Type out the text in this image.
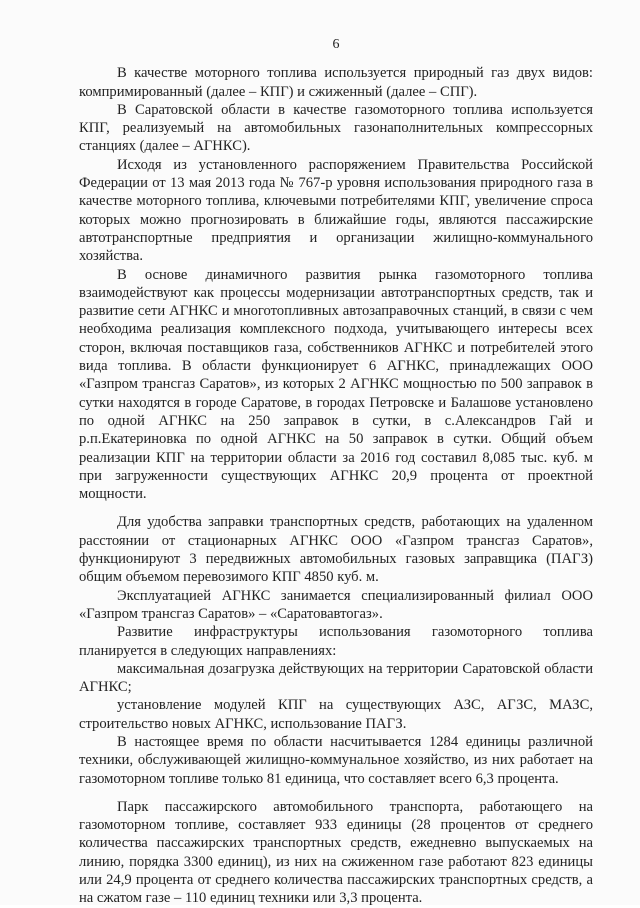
6

В качестве моторного топлива используется природный газ двух видов: компримированный (далее – КПГ) и сжиженный (далее – СПГ).

В Саратовской области в качестве газомоторного топлива используется КПГ, реализуемый на автомобильных газонаполнительных компрессорных станциях (далее – АГНКС).

Исходя из установленного распоряжением Правительства Российской Федерации от 13 мая 2013 года № 767-р уровня использования природного газа в качестве моторного топлива, ключевыми потребителями КПГ, увеличение спроса которых можно прогнозировать в ближайшие годы, являются пассажирские автотранспортные предприятия и организации жилищно-коммунального хозяйства.

В основе динамичного развития рынка газомоторного топлива взаимодействуют как процессы модернизации автотранспортных средств, так и развитие сети АГНКС и многотопливных автозаправочных станций, в связи с чем необходима реализация комплексного подхода, учитывающего интересы всех сторон, включая поставщиков газа, собственников АГНКС и потребителей этого вида топлива. В области функционирует 6 АГНКС, принадлежащих ООО «Газпром трансгаз Саратов», из которых 2 АГНКС мощностью по 500 заправок в сутки находятся в городе Саратове, в городах Петровске и Балашове установлено по одной АГНКС на 250 заправок в сутки, в с.Александров Гай и р.п.Екатериновка по одной АГНКС на 50 заправок в сутки. Общий объем реализации КПГ на территории области за 2016 год составил 8,085 тыс. куб. м при загруженности существующих АГНКС 20,9 процента от проектной мощности.

Для удобства заправки транспортных средств, работающих на удаленном расстоянии от стационарных АГНКС ООО «Газпром трансгаз Саратов», функционируют 3 передвижных автомобильных газовых заправщика (ПАГЗ) общим объемом перевозимого КПГ 4850 куб. м.

Эксплуатацией АГНКС занимается специализированный филиал ООО «Газпром трансгаз Саратов» – «Саратовавтогаз».

Развитие инфраструктуры использования газомоторного топлива планируется в следующих направлениях:

максимальная дозагрузка действующих на территории Саратовской области АГНКС;

установление модулей КПГ на существующих АЗС, АГЗС, МАЗС, строительство новых АГНКС, использование ПАГЗ.

В настоящее время по области насчитывается 1284 единицы различной техники, обслуживающей жилищно-коммунальное хозяйство, из них работает на газомоторном топливе только 81 единица, что составляет всего 6,3 процента.

Парк пассажирского автомобильного транспорта, работающего на газомоторном топливе, составляет 933 единицы (28 процентов от среднего количества пассажирских транспортных средств, ежедневно выпускаемых на линию, порядка 3300 единиц), из них на сжиженном газе работают 823 единицы или 24,9 процента от среднего количества пассажирских транспортных средств, а на сжатом газе – 110 единиц техники или 3,3 процента.
